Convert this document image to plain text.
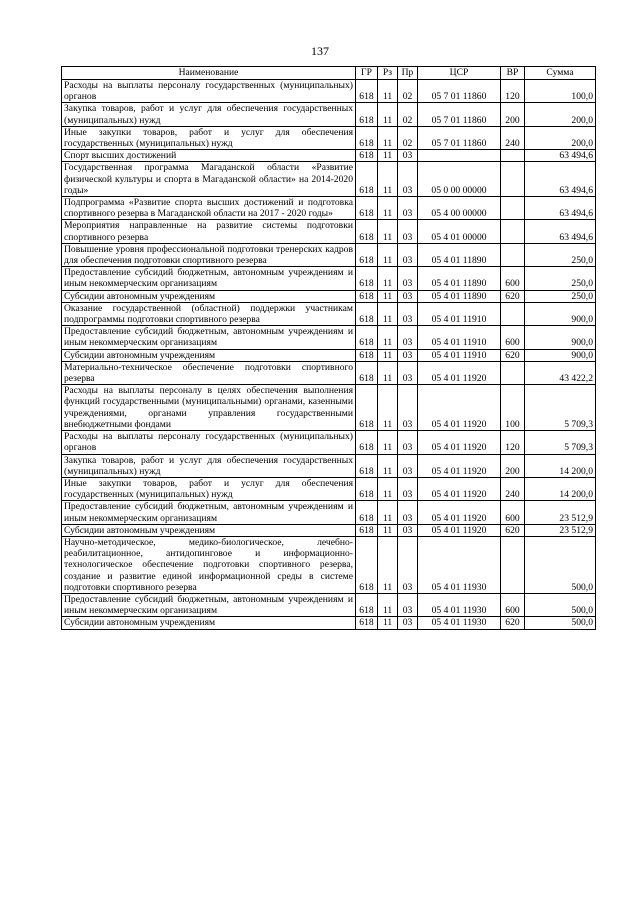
137
Наименование	ГР	Рз	Пр	ЦСР	ВР	Сумма
Расходы на выплаты персоналу государственных (муниципальных) органов	618	11	02	05 7 01 11860	120	100,0
Закупка товаров, работ и услуг для обеспечения государственных (муниципальных) нужд	618	11	02	05 7 01 11860	200	200,0
Иные закупки товаров, работ и услуг для обеспечения государственных (муниципальных) нужд	618	11	02	05 7 01 11860	240	200,0
Спорт высших достижений	618	11	03			63 494,6
Государственная программа Магаданской области «Развитие физической культуры и спорта в Магаданской области» на 2014-2020 годы»	618	11	03	05 0 00 00000		63 494,6
Подпрограмма «Развитие спорта высших достижений и подготовка спортивного резерва в Магаданской области на 2017 - 2020 годы»	618	11	03	05 4 00 00000		63 494,6
Мероприятия направленные на развитие системы подготовки спортивного резерва	618	11	03	05 4 01 00000		63 494,6
Повышение уровня профессиональной подготовки тренерских кадров для обеспечения подготовки спортивного резерва	618	11	03	05 4 01 11890		250,0
Предоставление субсидий бюджетным, автономным учреждениям и иным некоммерческим организациям	618	11	03	05 4 01 11890	600	250,0
Субсидии автономным учреждениям	618	11	03	05 4 01 11890	620	250,0
Оказание государственной (областной) поддержки участникам подпрограммы подготовки спортивного резерва	618	11	03	05 4 01 11910		900,0
Предоставление субсидий бюджетным, автономным учреждениям и иным некоммерческим организациям	618	11	03	05 4 01 11910	600	900,0
Субсидии автономным учреждениям	618	11	03	05 4 01 11910	620	900,0
Материально-техническое обеспечение подготовки спортивного резерва	618	11	03	05 4 01 11920		43 422,2
Расходы на выплаты персоналу в целях обеспечения выполнения функций государственными (муниципальными) органами, казенными учреждениями, органами управления государственными внебюджетными фондами	618	11	03	05 4 01 11920	100	5 709,3
Расходы на выплаты персоналу государственных (муниципальных) органов	618	11	03	05 4 01 11920	120	5 709,3
Закупка товаров, работ и услуг для обеспечения государственных (муниципальных) нужд	618	11	03	05 4 01 11920	200	14 200,0
Иные закупки товаров, работ и услуг для обеспечения государственных (муниципальных) нужд	618	11	03	05 4 01 11920	240	14 200,0
Предоставление субсидий бюджетным, автономным учреждениям и иным некоммерческим организациям	618	11	03	05 4 01 11920	600	23 512,9
Субсидии автономным учреждениям	618	11	03	05 4 01 11920	620	23 512,9
Научно-методическое, медико-биологическое, лечебно-реабилитационное, антидопинговое и информационно-технологическое обеспечение подготовки спортивного резерва, создание и развитие единой информационной среды в системе подготовки спортивного резерва	618	11	03	05 4 01 11930		500,0
Предоставление субсидий бюджетным, автономным учреждениям и иным некоммерческим организациям	618	11	03	05 4 01 11930	600	500,0
Субсидии автономным учреждениям	618	11	03	05 4 01 11930	620	500,0
